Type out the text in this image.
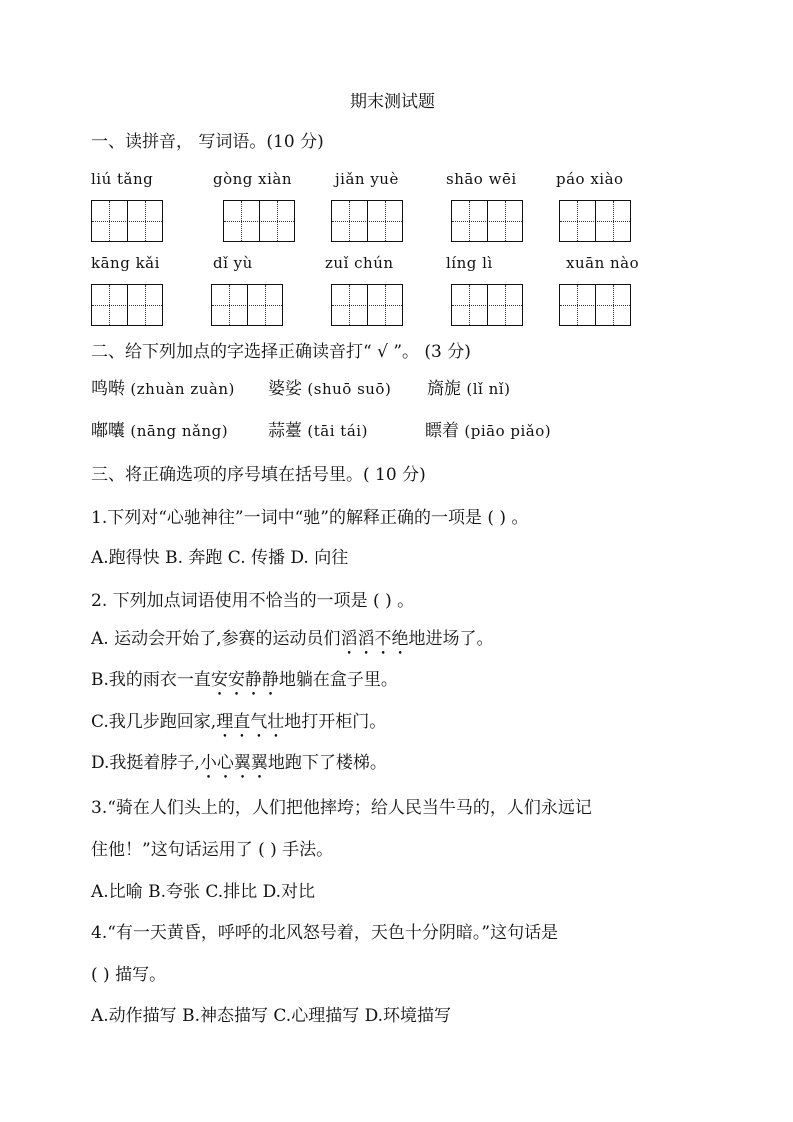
期末测试题
一、读拼音， 写词语。(10 分)
liú tǎng	gòng xiàn	jiǎn yuè	shāo wēi	páo xiào
kāng kǎi	dǐ yù	zuǐ chún	líng lì	xuān nào
二、给下列加点的字选择正确读音打“ √ ”。 (3 分)
鸣啭 (zhuàn zuàn) 婆娑 (shuō suō) 旖旎 (lǐ nǐ)
嘟囔 (nāng nǎng) 蒜薹 (tāi tái)	瞟着 (piāo piǎo)
三、将正确选项的序号填在括号里。( 10 分)
1.下列对“心驰神往”一词中“驰”的解释正确的一项是 ( ) 。
A.跑得快 B. 奔跑 C. 传播 D. 向往
2. 下列加点词语使用不恰当的一项是 ( ) 。
A. 运动会开始了,参赛的运动员们滔滔不绝地进场了。
B.我的雨衣一直安安静静地躺在盒子里。
C.我几步跑回家,理直气壮地打开柜门。
D.我挺着脖子,小心翼翼地跑下了楼梯。
3.“骑在人们头上的，人们把他摔垮；给人民当牛马的，人们永远记
住他！”这句话运用了 ( ) 手法。
A.比喻 B.夸张 C.排比 D.对比
4.“有一天黄昏，呼呼的北风怒号着，天色十分阴暗。”这句话是
( ) 描写。
A.动作描写 B.神态描写 C.心理描写 D.环境描写
